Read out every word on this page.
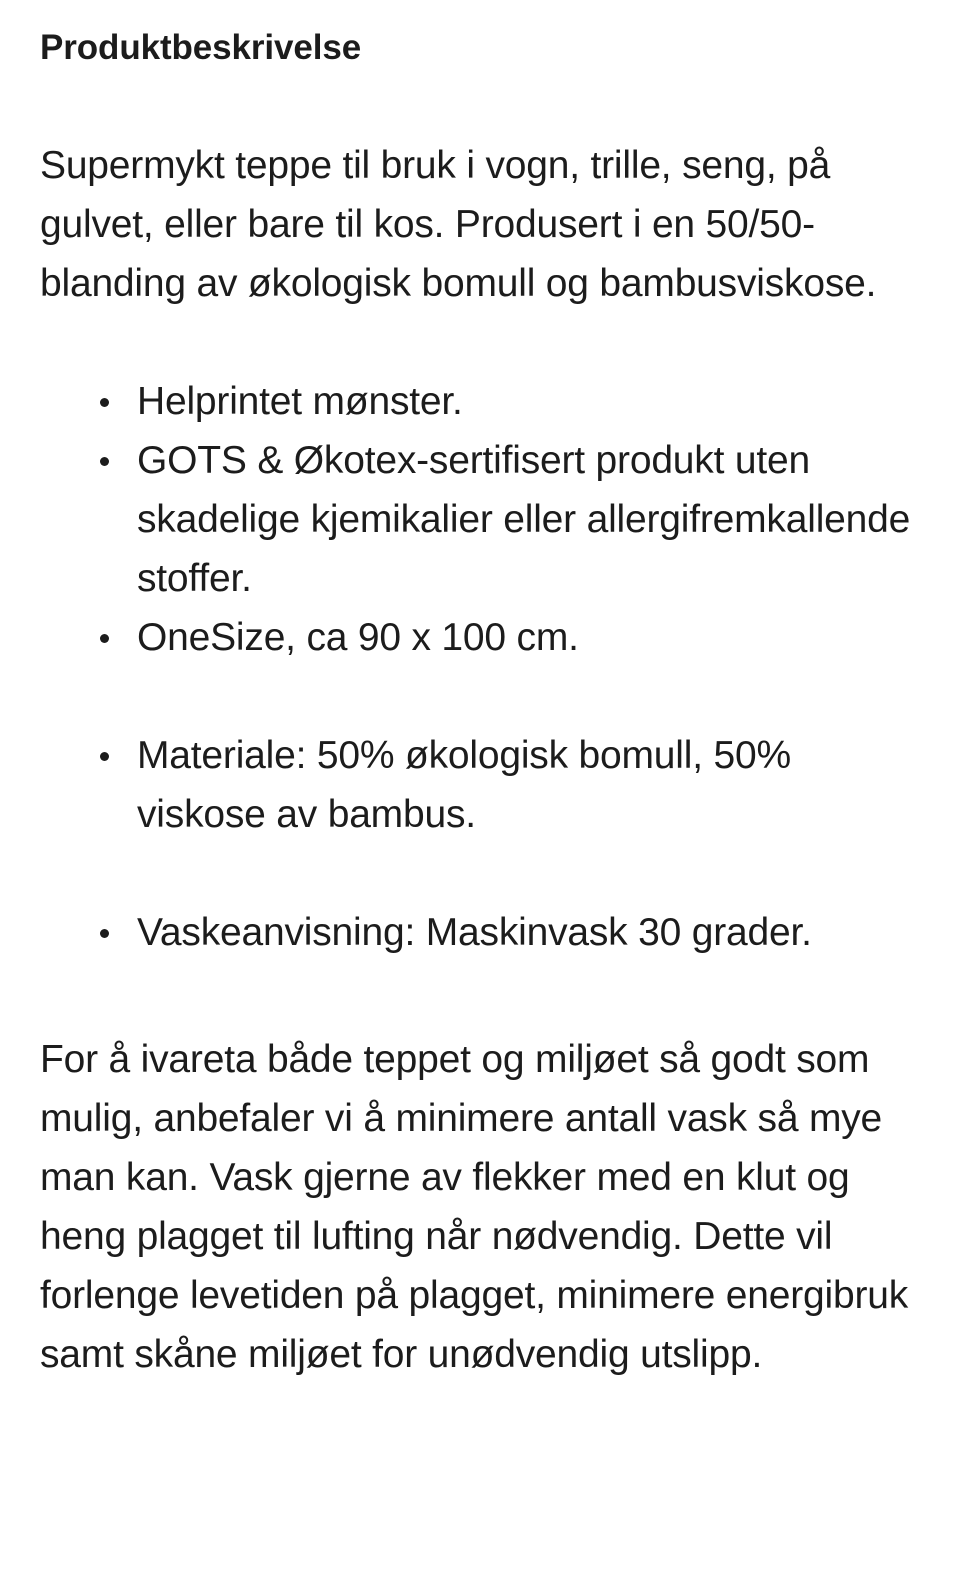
Produktbeskrivelse

Supermykt teppe til bruk i vogn, trille, seng, på gulvet, eller bare til kos. Produsert i en 50/50-blanding av økologisk bomull og bambusviskose.

Helprintet mønster.
GOTS & Økotex-sertifisert produkt uten skadelige kjemikalier eller allergifremkallende stoffer.
OneSize, ca 90 x 100 cm.
Materiale: 50% økologisk bomull, 50% viskose av bambus.
Vaskeanvisning: Maskinvask 30 grader.

For å ivareta både teppet og miljøet så godt som mulig, anbefaler vi å minimere antall vask så mye man kan. Vask gjerne av flekker med en klut og heng plagget til lufting når nødvendig. Dette vil forlenge levetiden på plagget, minimere energibruk samt skåne miljøet for unødvendig utslipp.
